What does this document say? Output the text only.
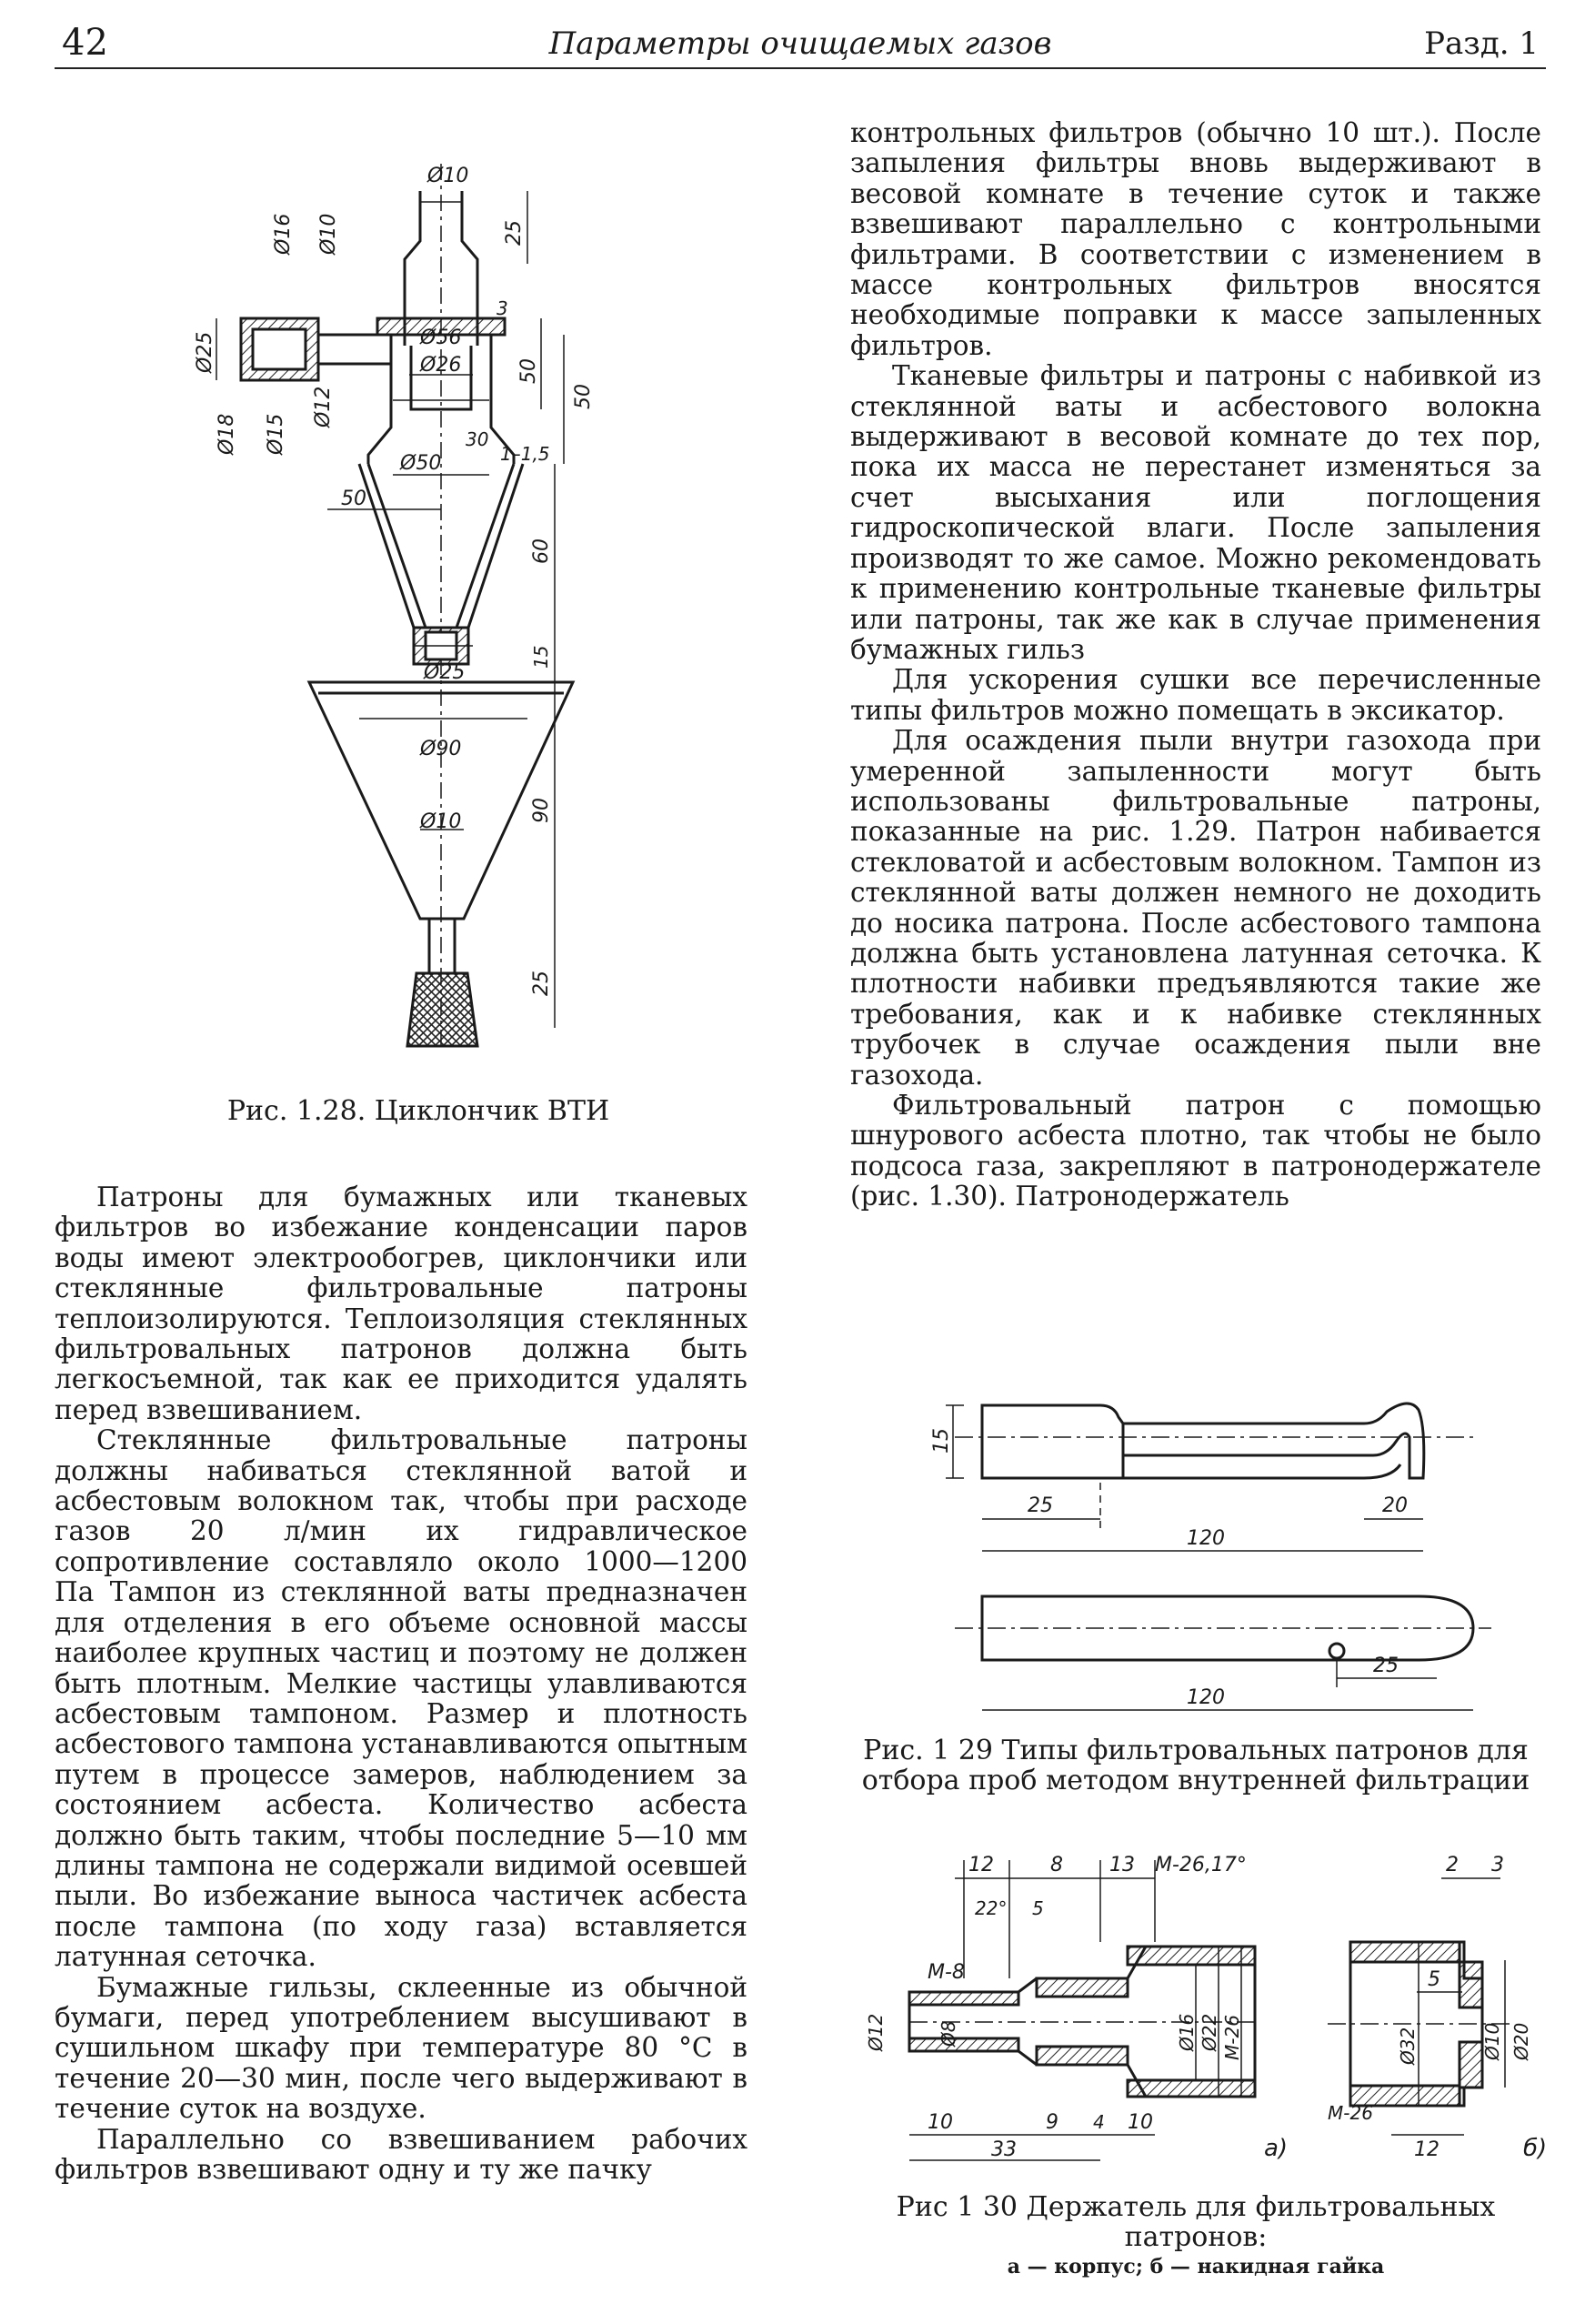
42	Параметры очищаемых газов	Разд. 1
Ø10
25
Ø16 Ø10
Ø25
Ø18 Ø15
Ø12
Ø56
Ø26
3
50
50
Ø50
30
1–1,5
50
60
Ø25
15
Ø90
Ø10	90
25
Рис. 1.28. Циклончик ВТИ

Патроны для бумажных или тканевых фильтров во избежание конденсации паров воды имеют электрообогрев, циклончики или стеклянные фильтровальные патроны теплоизолируются. Теплоизоляция стеклянных фильтровальных патронов должна быть легкосъемной, так как ее приходится удалять перед взвешиванием.

Стеклянные фильтровальные патроны должны набиваться стеклянной ватой и асбестовым волокном так, чтобы при расходе газов 20 л/мин их гидравлическое сопротивление составляло около 1000—1200 Па Тампон из стеклянной ваты предназначен для отделения в его объеме основной массы наиболее крупных частиц и поэтому не должен быть плотным. Мелкие частицы улавливаются асбестовым тампоном. Размер и плотность асбестового тампона устанавливаются опытным путем в процессе замеров, наблюдением за состоянием асбеста. Количество асбеста должно быть таким, чтобы последние 5—10 мм длины тампона не содержали видимой осевшей пыли. Во избежание выноса частичек асбеста после тампона (по ходу газа) вставляется латунная сеточка.

Бумажные гильзы, склеенные из обычной бумаги, перед употреблением высушивают в сушильном шкафу при температуре 80 °С в течение 20—30 мин, после чего выдерживают в течение суток на воздухе.

Параллельно со взвешиванием рабочих фильтров взвешивают одну и ту же пачку

контрольных фильтров (обычно 10 шт.). После запыления фильтры вновь выдерживают в весовой комнате в течение суток и также взвешивают параллельно с контрольными фильтрами. В соответствии с изменением в массе контрольных фильтров вносятся необходимые поправки к массе запыленных фильтров.

Тканевые фильтры и патроны с набивкой из стеклянной ваты и асбестового волокна выдерживают в весовой комнате до тех пор, пока их масса не перестанет изменяться за счет высыхания или поглощения гидроскопической влаги. После запыления производят то же самое. Можно рекомендовать к применению контрольные тканевые фильтры или патроны, так же как в случае применения бумажных гильз

Для ускорения сушки все перечисленные типы фильтров можно помещать в эксикатор.

Для осаждения пыли внутри газохода при умеренной запыленности могут быть использованы фильтровальные патроны, показанные на рис. 1.29. Патрон набивается стекловатой и асбестовым волокном. Тампон из стеклянной ваты должен немного не доходить до носика патрона. После асбестового тампона должна быть установлена латунная сеточка. К плотности набивки предъявляются такие же требования, как и к набивке стеклянных трубочек в случае осаждения пыли вне газохода.

Фильтровальный патрон с помощью шнурового асбеста плотно, так чтобы не было подсоса газа, закрепляют в патронодержателе (рис. 1.30). Патронодержатель

15
25	20
120
25
120
Рис. 1 29 Типы фильтровальных патронов для отбора проб методом внутренней фильтрации
12	8 13 M-26,17°
22° 5
M-8
Ø12	Ø8	Ø16 Ø22 M-26
10	9 4 10
33	а)
2 3
5
Ø32	Ø10 Ø20
M-26
12	б)
Рис 1 30 Держатель для фильтровальных патронов:
а — корпус; б — накидная гайка
